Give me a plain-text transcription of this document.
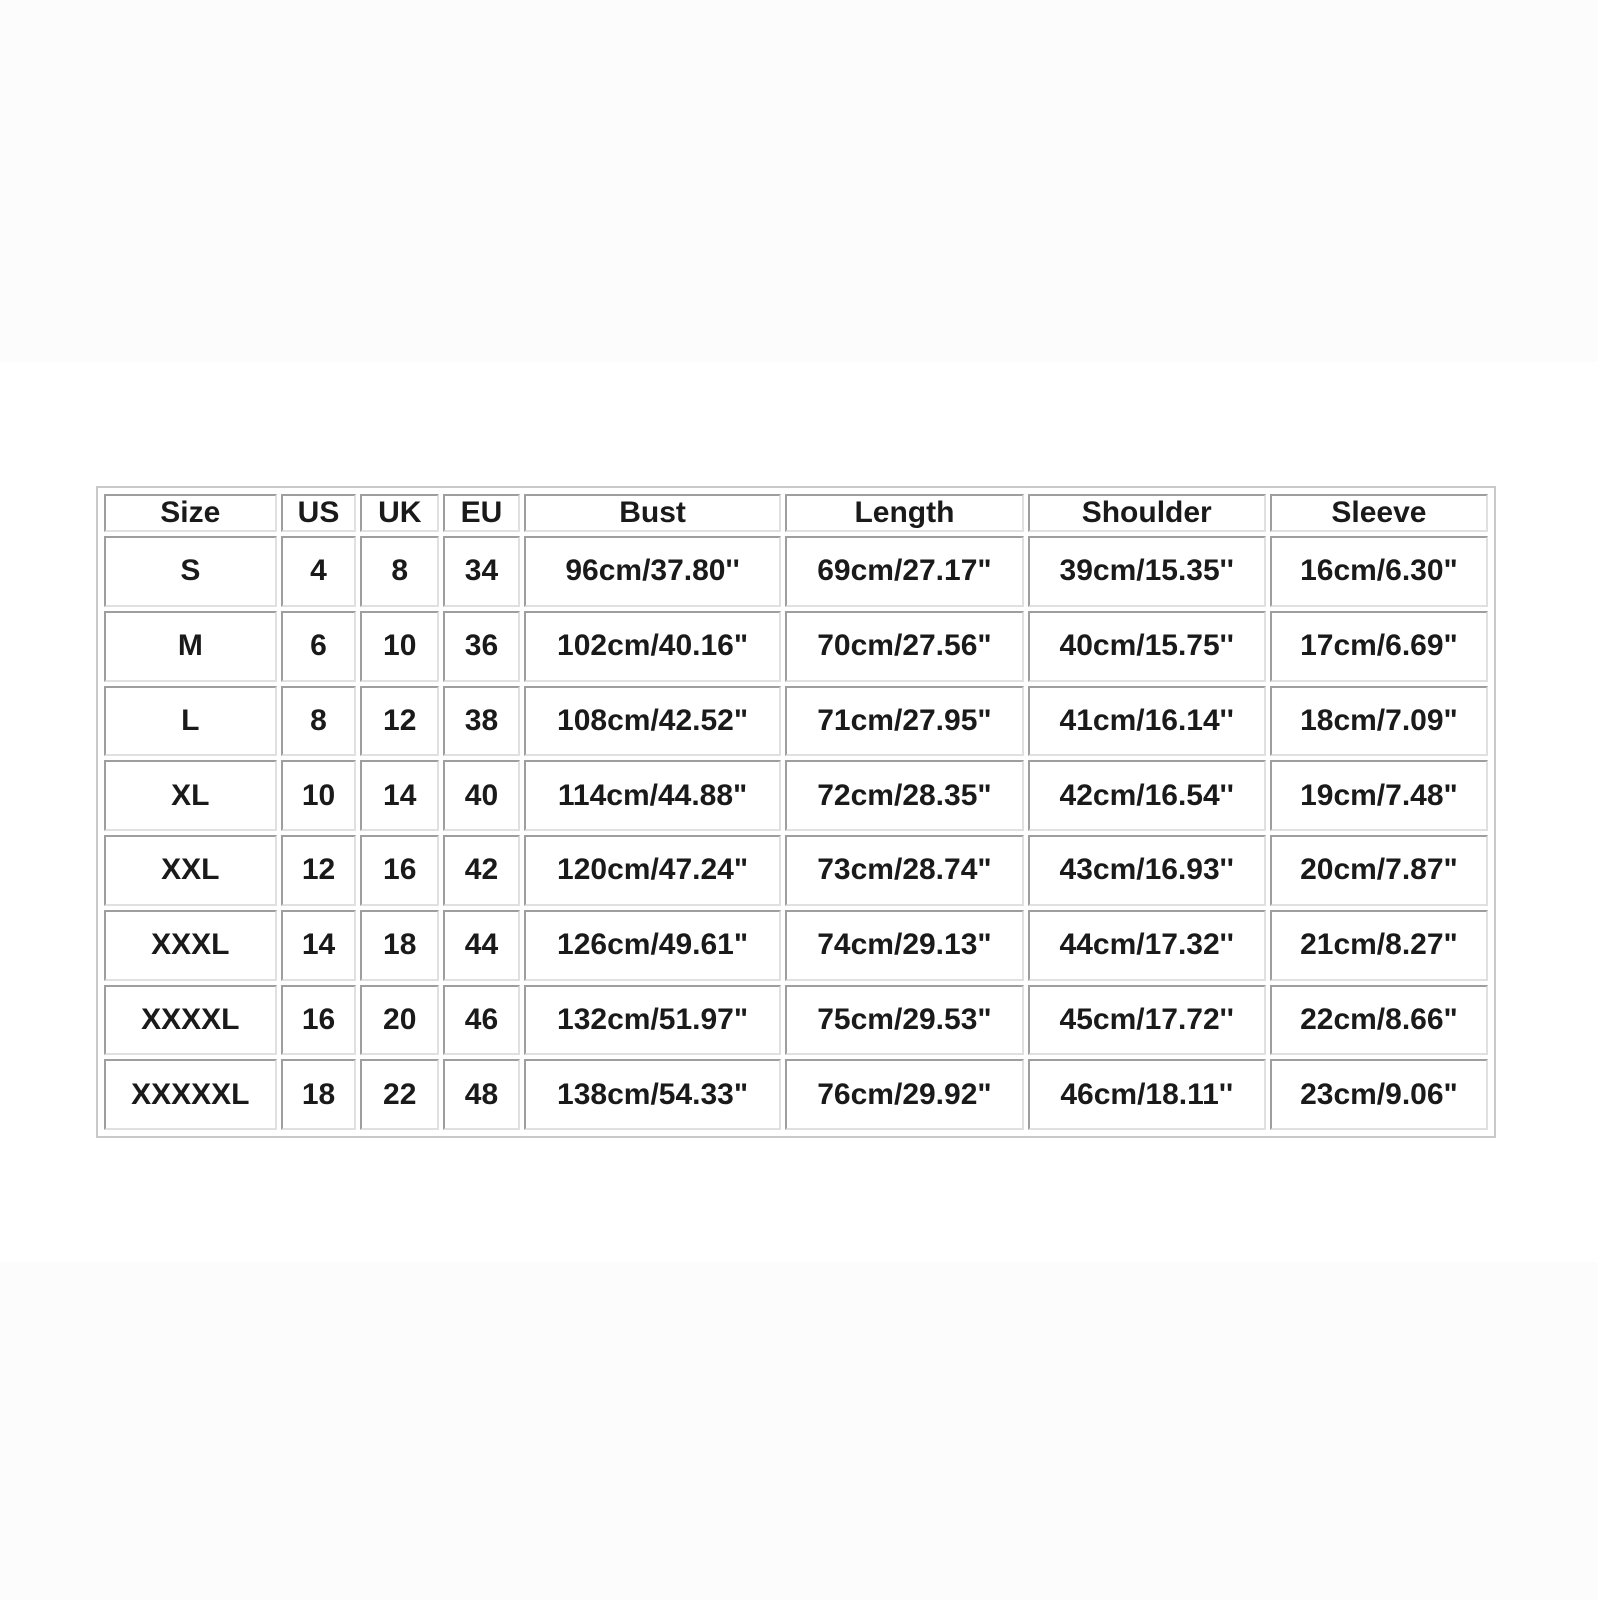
Size	US	UK	EU	Bust	Length	Shoulder	Sleeve
S	4	8	34	96cm/37.80''	69cm/27.17"	39cm/15.35''	16cm/6.30"
M	6	10	36	102cm/40.16"	70cm/27.56"	40cm/15.75''	17cm/6.69"
L	8	12	38	108cm/42.52"	71cm/27.95"	41cm/16.14''	18cm/7.09"
XL	10	14	40	114cm/44.88"	72cm/28.35"	42cm/16.54''	19cm/7.48"
XXL	12	16	42	120cm/47.24"	73cm/28.74"	43cm/16.93''	20cm/7.87"
XXXL	14	18	44	126cm/49.61"	74cm/29.13"	44cm/17.32''	21cm/8.27"
XXXXL	16	20	46	132cm/51.97"	75cm/29.53"	45cm/17.72''	22cm/8.66"
XXXXXL	18	22	48	138cm/54.33"	76cm/29.92"	46cm/18.11''	23cm/9.06"
